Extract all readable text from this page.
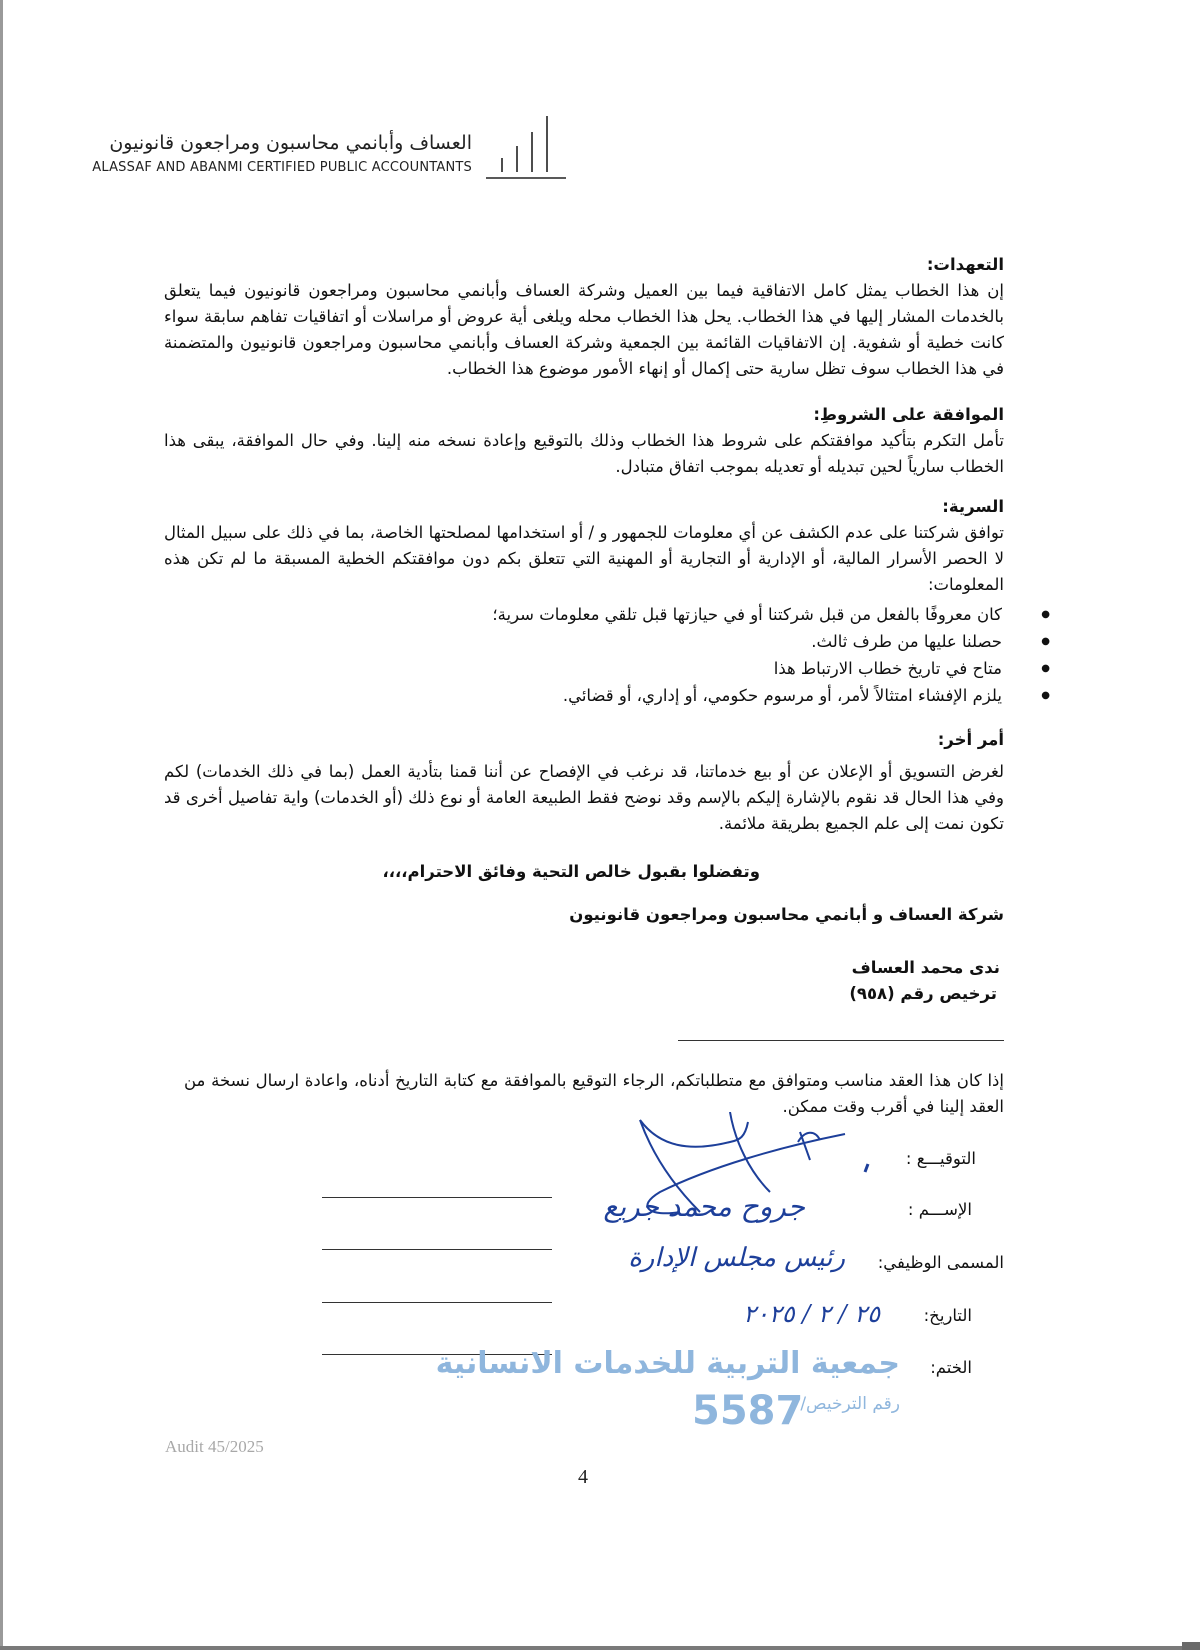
العساف وأبانمي محاسبون ومراجعون قانونيون
ALASSAF AND ABANMI CERTIFIED PUBLIC ACCOUNTANTS
التعهدات:

إن هذا الخطاب يمثل كامل الاتفاقية فيما بين العميل وشركة العساف وأبانمي محاسبون ومراجعون قانونيون فيما يتعلق بالخدمات المشار إليها في هذا الخطاب. يحل هذا الخطاب محله ويلغى أية عروض أو مراسلات أو اتفاقيات تفاهم سابقة سواء كانت خطية أو شفوية. إن الاتفاقيات القائمة بين الجمعية وشركة العساف وأبانمي محاسبون ومراجعون قانونيون والمتضمنة في هذا الخطاب سوف تظل سارية حتى إكمال أو إنهاء الأمور موضوع هذا الخطاب.

الموافقة على الشروطِ:

تأمل التكرم بتأكيد موافقتكم على شروط هذا الخطاب وذلك بالتوقيع وإعادة نسخه منه إلينا. وفي حال الموافقة، يبقى هذا الخطاب سارياً لحين تبديله أو تعديله بموجب اتفاق متبادل.

السرية:

توافق شركتنا على عدم الكشف عن أي معلومات للجمهور و / أو استخدامها لمصلحتها الخاصة، بما في ذلك على سبيل المثال لا الحصر الأسرار المالية، أو الإدارية أو التجارية أو المهنية التي تتعلق بكم دون موافقتكم الخطية المسبقة ما لم تكن هذه المعلومات:

● كان معروفًا بالفعل من قبل شركتنا أو في حيازتها قبل تلقي معلومات سرية؛
● حصلنا عليها من طرف ثالث.
● متاح في تاريخ خطاب الارتباط هذا
● يلزم الإفشاء امتثالاً لأمر، أو مرسوم حكومي، أو إداري، أو قضائي.
أمر أخر:

لغرض التسويق أو الإعلان عن أو بيع خدماتنا، قد نرغب في الإفصاح عن أننا قمنا بتأدية العمل (بما في ذلك الخدمات) لكم وفي هذا الحال قد نقوم بالإشارة إليكم بالإسم وقد نوضح فقط الطبيعة العامة أو نوع ذلك (أو الخدمات) واية تفاصيل أخرى قد تكون نمت إلى علم الجميع بطريقة ملائمة.

وتفضلوا بقبول خالص التحية وفائق الاحترام،،،،
شركة العساف و أبانمي محاسبون ومراجعون قانونيون
ندى محمد العساف
ترخيص رقم (٩٥٨)
إذا كان هذا العقد مناسب ومتوافق مع متطلباتكم، الرجاء التوقيع بالموافقة مع كتابة التاريخ أدناه، واعادة ارسال نسخة من العقد إلينا في أقرب وقت ممكن.
التوقيـــع :
الإســـم :
المسمى الوظيفي:
التاريخ:
الختم:
جروح محمد جريع
رئيس مجلس الإدارة
٢٥ / ٢ / ٢٠٢٥
جمعية التربية للخدمات الانسانية
رقم الترخيص/
5587
Audit 45/2025
4
